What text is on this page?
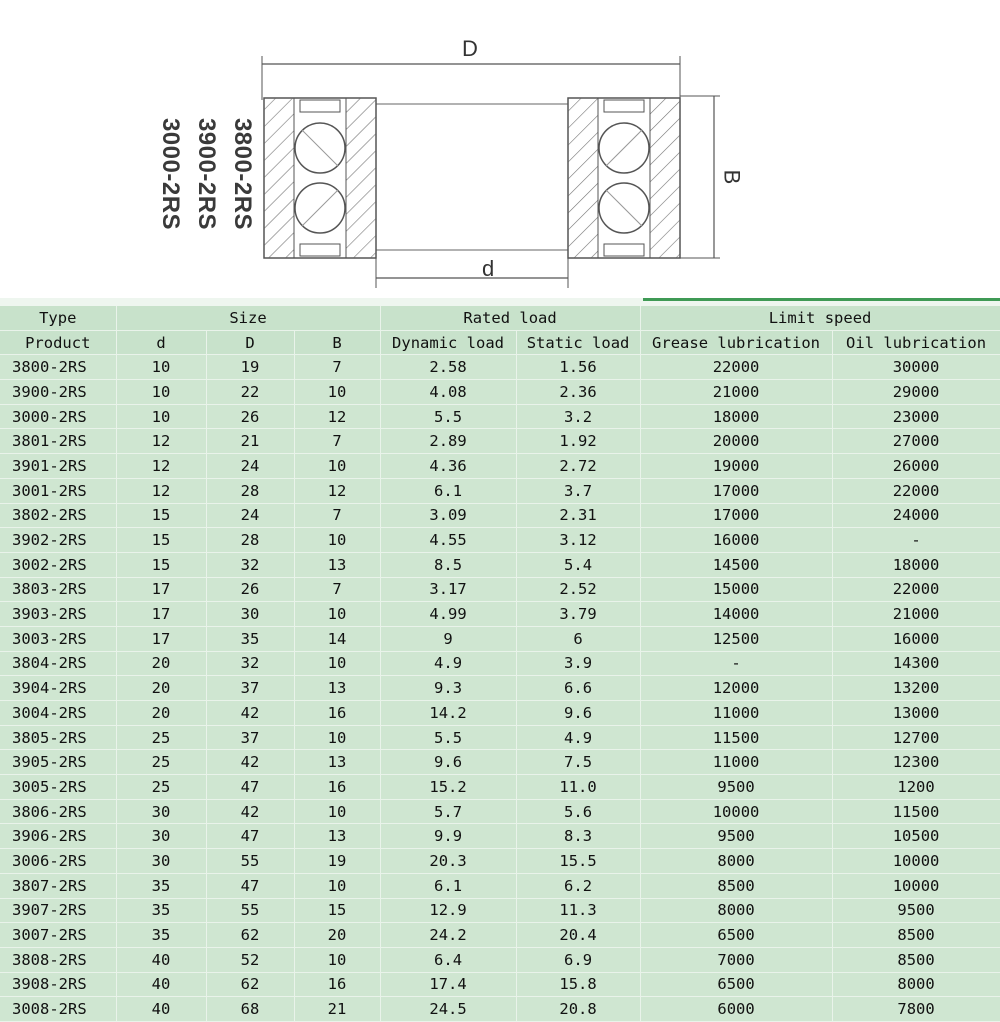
3800-2RS
3900-2RS
3000-2RS
D
B
d
Type	Size			Rated load		Limit speed	
Product	d	D	B	Dynamic load	Static load	Grease lubrication	Oil lubrication
3800-2RS	10	19	7	2.58	1.56	22000	30000
3900-2RS	10	22	10	4.08	2.36	21000	29000
3000-2RS	10	26	12	5.5	3.2	18000	23000
3801-2RS	12	21	7	2.89	1.92	20000	27000
3901-2RS	12	24	10	4.36	2.72	19000	26000
3001-2RS	12	28	12	6.1	3.7	17000	22000
3802-2RS	15	24	7	3.09	2.31	17000	24000
3902-2RS	15	28	10	4.55	3.12	16000	-
3002-2RS	15	32	13	8.5	5.4	14500	18000
3803-2RS	17	26	7	3.17	2.52	15000	22000
3903-2RS	17	30	10	4.99	3.79	14000	21000
3003-2RS	17	35	14	9	6	12500	16000
3804-2RS	20	32	10	4.9	3.9	-	14300
3904-2RS	20	37	13	9.3	6.6	12000	13200
3004-2RS	20	42	16	14.2	9.6	11000	13000
3805-2RS	25	37	10	5.5	4.9	11500	12700
3905-2RS	25	42	13	9.6	7.5	11000	12300
3005-2RS	25	47	16	15.2	11.0	9500	1200
3806-2RS	30	42	10	5.7	5.6	10000	11500
3906-2RS	30	47	13	9.9	8.3	9500	10500
3006-2RS	30	55	19	20.3	15.5	8000	10000
3807-2RS	35	47	10	6.1	6.2	8500	10000
3907-2RS	35	55	15	12.9	11.3	8000	9500
3007-2RS	35	62	20	24.2	20.4	6500	8500
3808-2RS	40	52	10	6.4	6.9	7000	8500
3908-2RS	40	62	16	17.4	15.8	6500	8000
3008-2RS	40	68	21	24.5	20.8	6000	7800
